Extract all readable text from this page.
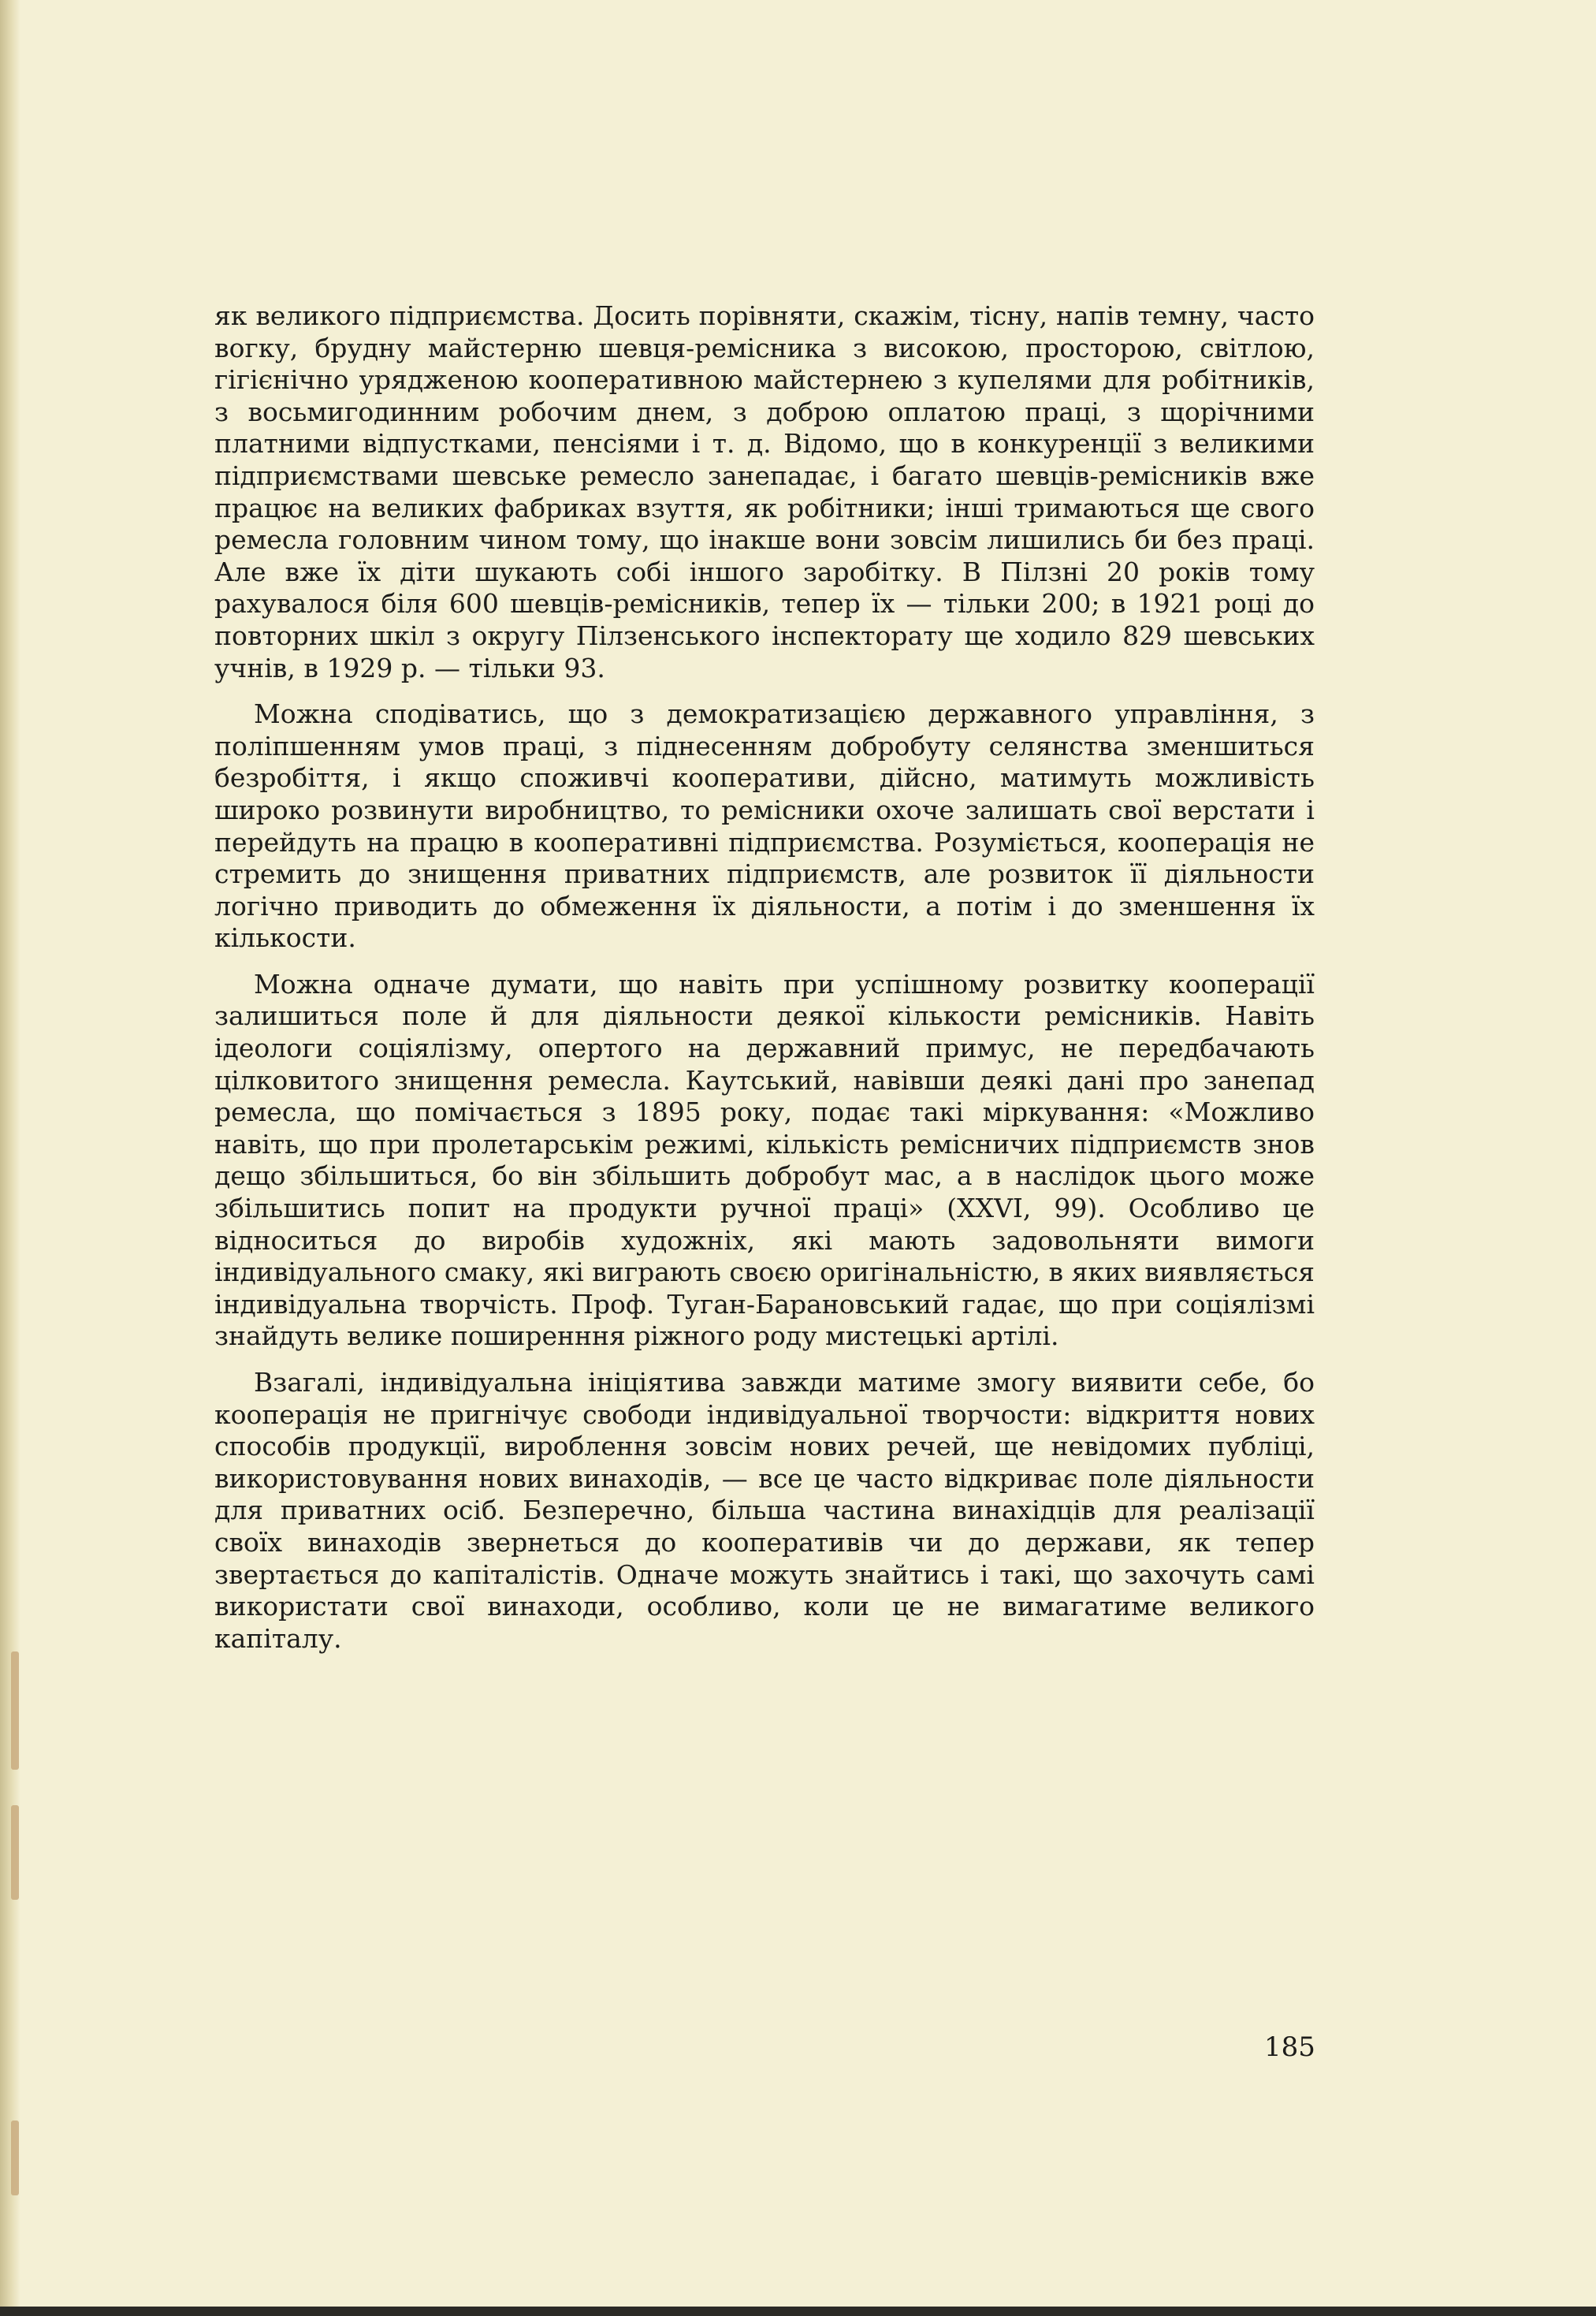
як великого підприємства. Досить порівняти, скажім, тісну, напів темну, часто вогку, брудну майстерню шевця-ремісника з високою, просторою, світлою, гігієнічно урядженою кооперативною майстернею з купелями для робітників, з восьмигодинним робочим днем, з доброю оплатою праці, з щорічними платними відпустками, пенсіями і т. д. Відомо, що в конкуренції з великими підприємствами шевське ремесло занепадає, і багато шевців-ремісників вже працює на великих фабриках взуття, як робітники; інші тримаються ще свого ремесла головним чином тому, що інакше вони зовсім лишились би без праці. Але вже їх діти шукають собі іншого заробітку. В Пілзні 20 років тому рахувалося біля 600 шевців-ремісників, тепер їх — тільки 200; в 1921 році до повторних шкіл з округу Пілзенського інспекторату ще ходило 829 шевських учнів, в 1929 р. — тільки 93.

Можна сподіватись, що з демократизацією державного управління, з поліпшенням умов праці, з піднесенням добробуту селянства зменшиться безробіття, і якщо споживчі кооперативи, дійсно, матимуть можливість широко розвинути виробництво, то ремісники охоче залишать свої верстати і перейдуть на працю в кооперативні підприємства. Розуміється, кооперація не стремить до знищення приватних підприємств, але розвиток її діяльности логічно приводить до обмеження їх діяльности, а потім і до зменшення їх кількости.

Можна одначе думати, що навіть при успішному розвитку кооперації залишиться поле й для діяльности деякої кількости ремісників. Навіть ідеологи соціялізму, опертого на державний примус, не передбачають цілковитого знищення ремесла. Каутський, навівши деякі дані про занепад ремесла, що помічається з 1895 року, подає такі міркування: «Можливо навіть, що при пролетарськім режимі, кількість ремісничих підприємств знов дещо збільшиться, бо він збільшить добробут мас, а в наслідок цього може збільшитись попит на продукти ручної праці» (XXVI, 99). Особливо це відноситься до виробів художніх, які мають задовольняти вимоги індивідуального смаку, які виграють своєю оригінальністю, в яких виявляється індивідуальна творчість. Проф. Туган-Барановський гадає, що при соціялізмі знайдуть велике поширенння ріжного роду мистецькі артілі.

Взагалі, індивідуальна ініціятива завжди матиме змогу виявити себе, бо кооперація не пригнічує свободи індивідуальної творчости: відкриття нових способів продукції, вироблення зовсім нових речей, ще невідомих публіці, використовування нових винаходів, — все це часто відкриває поле діяльности для приватних осіб. Безперечно, більша частина винахідців для реалізації своїх винаходів звернеться до кооперативів чи до держави, як тепер звертається до капіталістів. Одначе можуть знайтись і такі, що захочуть самі використати свої винаходи, особливо, коли це не вимагатиме великого капіталу.

185
